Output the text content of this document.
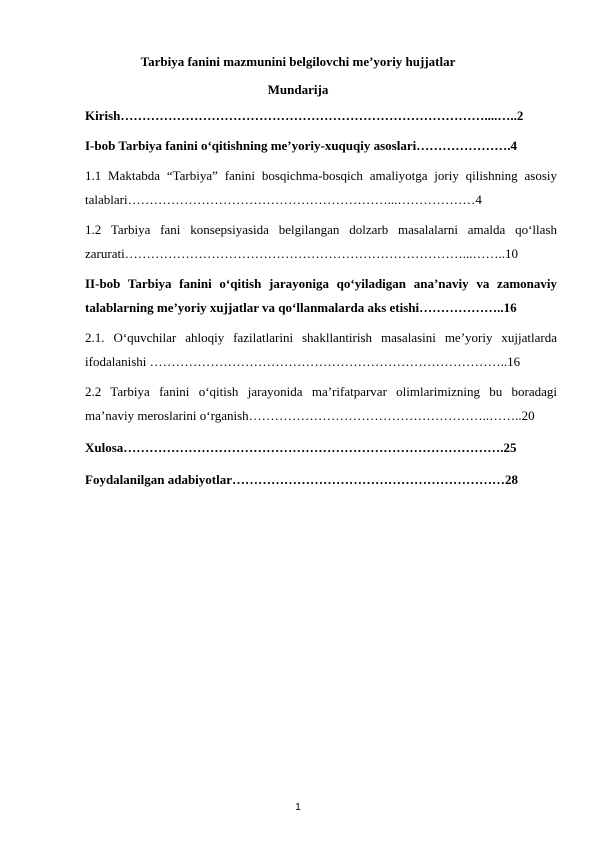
Tarbiya fanini mazmunini belgilovchi me’yoriy hujjatlar
Mundarija

Kirish…………………………………………………………………………....…..2

I-bob Tarbiya fanini o‘qitishning me’yoriy-xuquqiy asoslari………………….4

1.1 Maktabda “Tarbiya” fanini bosqichma-bosqich amaliyotga joriy qilishning asosiy talablari……………………………………………………...………………4

1.2 Tarbiya fani konsepsiyasida belgilangan dolzarb masalalarni amalda qo‘llash zarurati……………………………………………………………………...……..10

II-bob Tarbiya fanini o‘qitish jarayoniga qo‘yiladigan ana’naviy va zamonaviy talablarning me’yoriy xujjatlar va qo‘llanmalarda aks etishi………………..16

2.1. O‘quvchilar ahloqiy fazilatlarini shakllantirish masalasini me’yoriy xujjatlarda ifodalanishi ………………………………………………………………………..16

2.2 Tarbiya fanini o‘qitish jarayonida ma’rifatparvar olimlarimizning bu boradagi ma’naviy meroslarini o‘rganish………………………………………………..……..20

Xulosa…………………………………………………………………………….25

Foydalanilgan adabiyotlar………………………………………………………28

1
